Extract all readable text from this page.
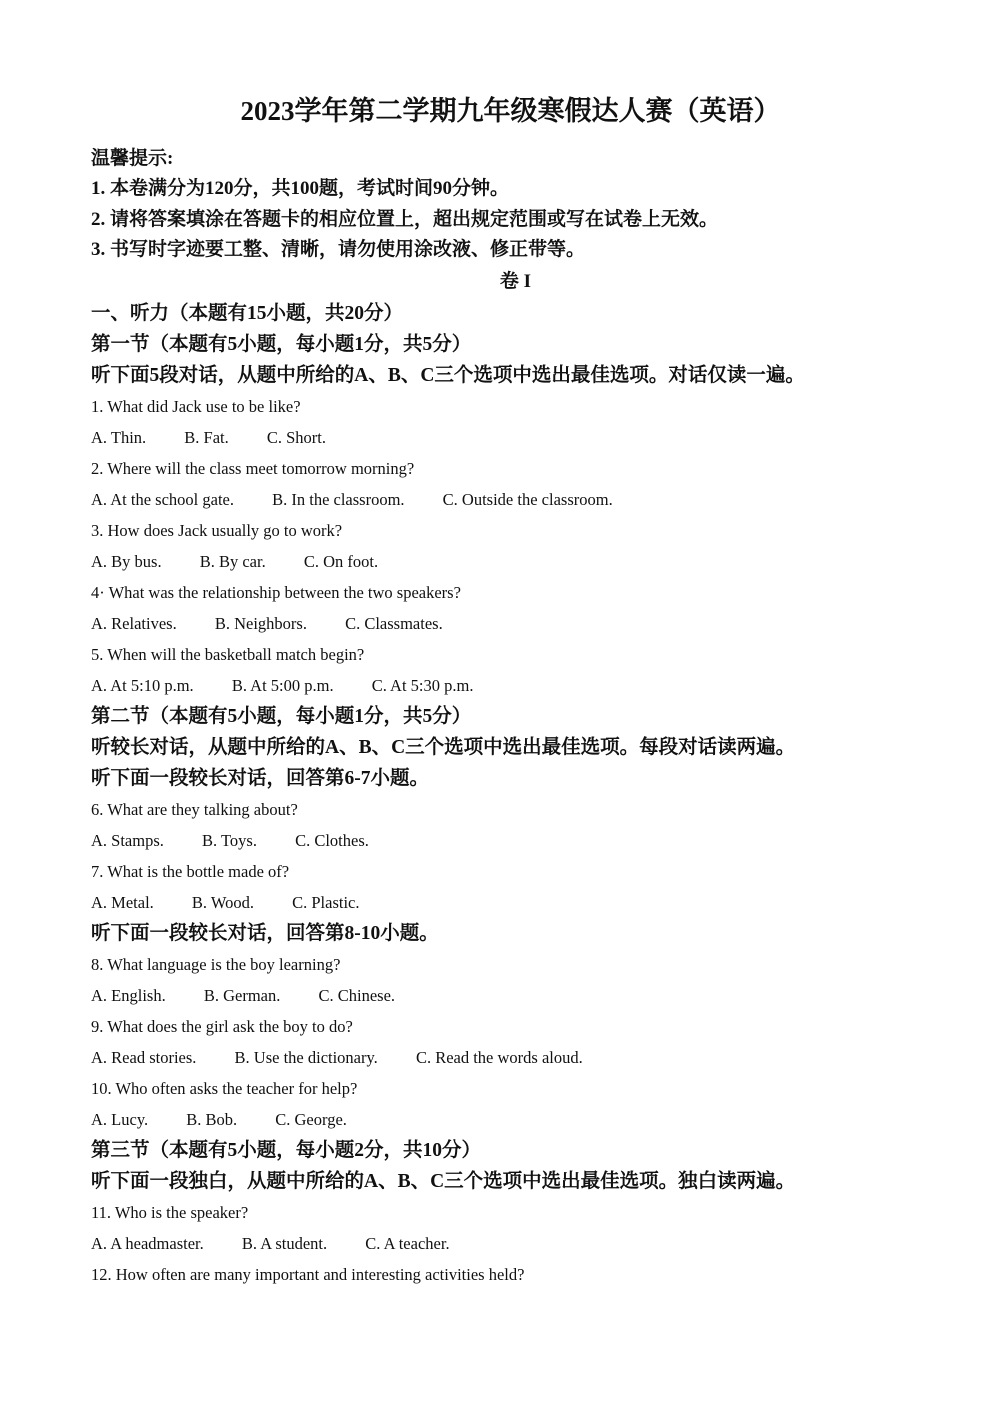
2023学年第二学期九年级寒假达人赛（英语）
温馨提示:
1. 本卷满分为120分，共100题，考试时间90分钟。
2. 请将答案填涂在答题卡的相应位置上，超出规定范围或写在试卷上无效。
3. 书写时字迹要工整、清晰，请勿使用涂改液、修正带等。
卷 I
一、听力（本题有15小题，共20分）
第一节（本题有5小题，每小题1分，共5分）
听下面5段对话，从题中所给的A、B、C三个选项中选出最佳选项。对话仅读一遍。
1. What did Jack use to be like?
A. Thin. B. Fat. C. Short.
2. Where will the class meet tomorrow morning?
A. At the school gate. B. In the classroom. C. Outside the classroom.
3. How does Jack usually go to work?
A. By bus. B. By car. C. On foot.
4· What was the relationship between the two speakers?
A. Relatives. B. Neighbors. C. Classmates.
5. When will the basketball match begin?
A. At 5:10 p.m. B. At 5:00 p.m. C. At 5:30 p.m.
第二节（本题有5小题，每小题1分，共5分）
听较长对话，从题中所给的A、B、C三个选项中选出最佳选项。每段对话读两遍。
听下面一段较长对话，回答第6-7小题。
6. What are they talking about?
A. Stamps. B. Toys. C. Clothes.
7. What is the bottle made of?
A. Metal. B. Wood. C. Plastic.
听下面一段较长对话，回答第8-10小题。
8. What language is the boy learning?
A. English. B. German. C. Chinese.
9. What does the girl ask the boy to do?
A. Read stories. B. Use the dictionary. C. Read the words aloud.
10. Who often asks the teacher for help?
A. Lucy. B. Bob. C. George.
第三节（本题有5小题，每小题2分，共10分）
听下面一段独白，从题中所给的A、B、C三个选项中选出最佳选项。独白读两遍。
11. Who is the speaker?
A. A headmaster. B. A student. C. A teacher.
12. How often are many important and interesting activities held?
